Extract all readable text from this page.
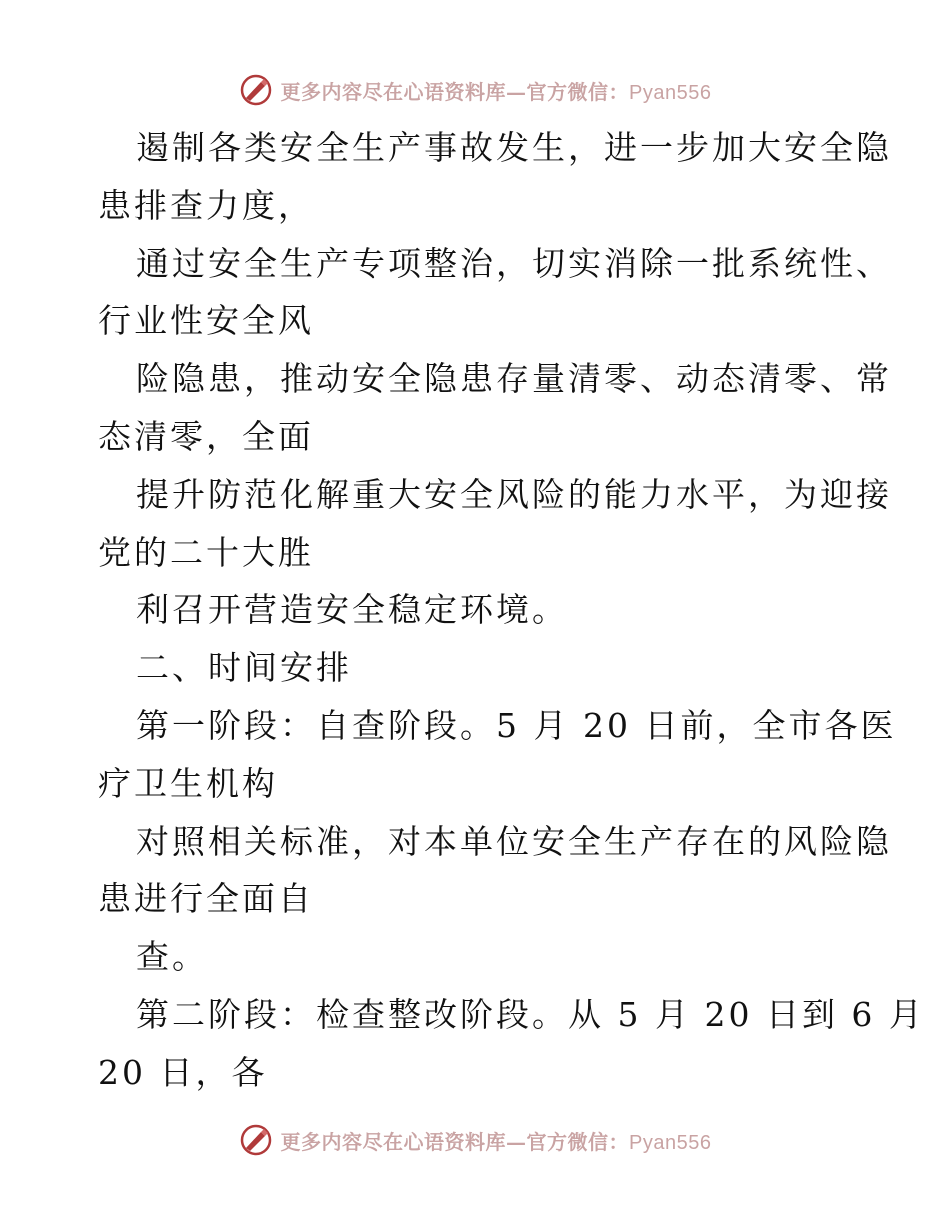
更多内容尽在心语资料库—官方微信：Pyan556
遏制各类安全生产事故发生，进一步加大安全隐
患排查力度，
通过安全生产专项整治，切实消除一批系统性、
行业性安全风
险隐患，推动安全隐患存量清零、动态清零、常
态清零，全面
提升防范化解重大安全风险的能力水平，为迎接
党的二十大胜
利召开营造安全稳定环境。
二、时间安排
第一阶段：自查阶段。5 月 20 日前，全市各医
疗卫生机构
对照相关标准，对本单位安全生产存在的风险隐
患进行全面自
查。
第二阶段：检查整改阶段。从 5 月 20 日到 6 月
20 日，各
更多内容尽在心语资料库—官方微信：Pyan556
